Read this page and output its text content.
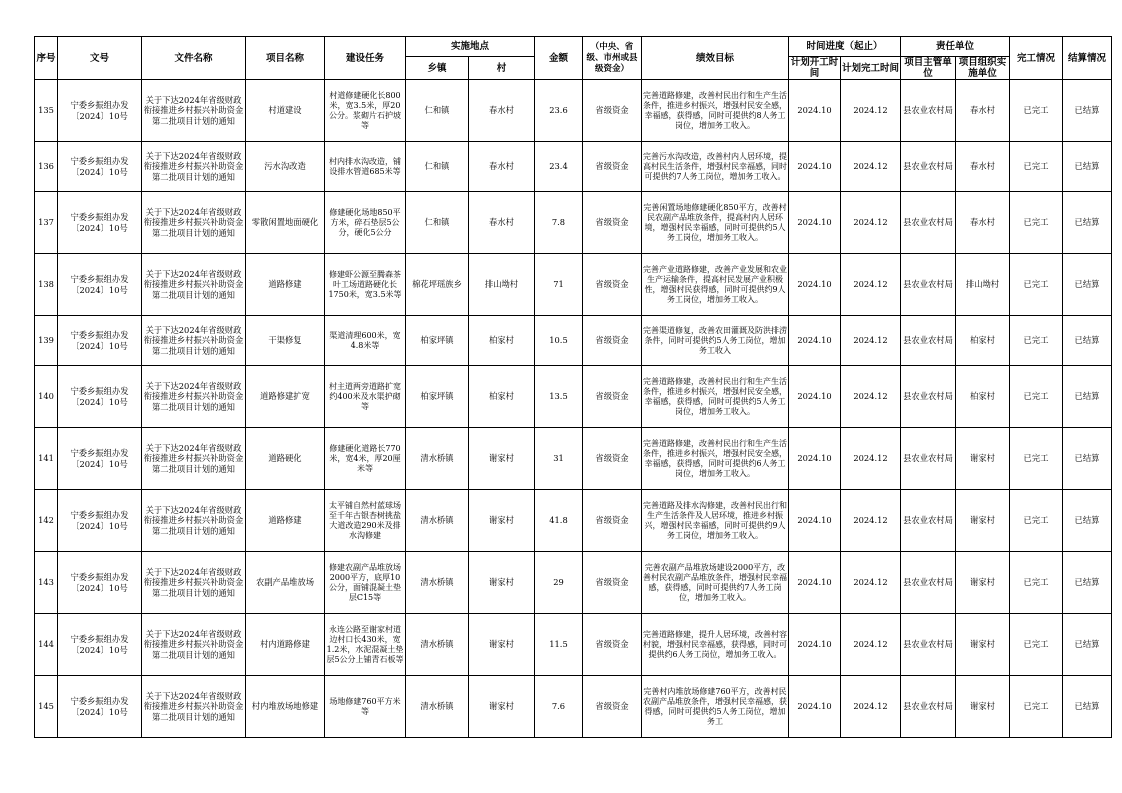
序号	文号	文件名称	项目名称	建设任务	实施地点		金额	（中央、省级、市州或县级资金）	绩效目标	时间进度（起止）		责任单位		完工情况	结算情况
					乡镇	村				计划开工时间	计划完工时间	项目主管单位	项目组织实施单位		
135	宁委乡振组办发〔2024〕10号	关于下达2024年省级财政衔接推进乡村振兴补助资金第二批项目计划的通知	村道建设	村道修建硬化长800米，宽3.5米，厚20公分。浆砌片石护坡等	仁和镇	春水村	23.6	省级资金	完善道路修建，改善村民出行和生产生活条件，推进乡村振兴，增强村民安全感，幸福感，获得感，同时可提供约8人务工岗位，增加务工收入。	2024.10	2024.12	县农业农村局	春水村	已完工	已结算
136	宁委乡振组办发〔2024〕10号	关于下达2024年省级财政衔接推进乡村振兴补助资金第二批项目计划的通知	污水沟改造	村内排水沟改造，铺设排水管道685米等	仁和镇	春水村	23.4	省级资金	完善污水沟改造，改善村内人居环境，提高村民生活条件，增强村民幸福感，同时可提供约7人务工岗位，增加务工收入。	2024.10	2024.12	县农业农村局	春水村	已完工	已结算
137	宁委乡振组办发〔2024〕10号	关于下达2024年省级财政衔接推进乡村振兴补助资金第二批项目计划的通知	零散闲置地面硬化	修建硬化场地850平方米，碎石垫层5公分，硬化5公分	仁和镇	春水村	7.8	省级资金	完善闲置场地修建硬化850平方，改善村民农副产品堆放条件，提高村内人居环境，增强村民幸福感，同时可提供约5人务工岗位，增加务工收入。	2024.10	2024.12	县农业农村局	春水村	已完工	已结算
138	宁委乡振组办发〔2024〕10号	关于下达2024年省级财政衔接推进乡村振兴补助资金第二批项目计划的通知	道路修建	修建虾公源至腾森茶叶工场道路硬化长1750米，宽3.5米等	棉花坪瑶族乡	排山坳村	71	省级资金	完善产业道路修建，改善产业发展和农业生产运输条件，提高村民发展产业积极性，增强村民获得感，同时可提供约9人务工岗位，增加务工收入。	2024.10	2024.12	县农业农村局	排山坳村	已完工	已结算
139	宁委乡振组办发〔2024〕10号	关于下达2024年省级财政衔接推进乡村振兴补助资金第二批项目计划的通知	干渠修复	渠道清理600米，宽4.8米等	柏家坪镇	柏家村	10.5	省级资金	完善渠道修复，改善农田灌溉及防洪排涝条件，同时可提供约5人务工岗位，增加务工收入	2024.10	2024.12	县农业农村局	柏家村	已完工	已结算
140	宁委乡振组办发〔2024〕10号	关于下达2024年省级财政衔接推进乡村振兴补助资金第二批项目计划的通知	道路修建扩宽	村主道两旁道路扩宽约400米及水渠护砌等	柏家坪镇	柏家村	13.5	省级资金	完善道路修建，改善村民出行和生产生活条件，推进乡村振兴，增强村民安全感，幸福感，获得感，同时可提供约5人务工岗位，增加务工收入。	2024.10	2024.12	县农业农村局	柏家村	已完工	已结算
141	宁委乡振组办发〔2024〕10号	关于下达2024年省级财政衔接推进乡村振兴补助资金第二批项目计划的通知	道路硬化	修建硬化道路长770米，宽4米，厚20厘米等	清水桥镇	谢家村	31	省级资金	完善道路修建，改善村民出行和生产生活条件，推进乡村振兴，增强村民安全感，幸福感，获得感，同时可提供约6人务工岗位，增加务工收入。	2024.10	2024.12	县农业农村局	谢家村	已完工	已结算
142	宁委乡振组办发〔2024〕10号	关于下达2024年省级财政衔接推进乡村振兴补助资金第二批项目计划的通知	道路修建	太平铺自然村蓝球场至千年古银杏树挑盐大道改造290米及排水沟修建	清水桥镇	谢家村	41.8	省级资金	完善道路及排水沟修建，改善村民出行和生产生活条件及人居环境，推进乡村振兴，增强村民幸福感，同时可提供约9人务工岗位，增加务工收入。	2024.10	2024.12	县农业农村局	谢家村	已完工	已结算
143	宁委乡振组办发〔2024〕10号	关于下达2024年省级财政衔接推进乡村振兴补助资金第二批项目计划的通知	农副产品堆放场	修建农副产品堆放场2000平方，底厚10公分，面铺混凝土垫层C15等	清水桥镇	谢家村	29	省级资金	完善农副产品堆放场建设2000平方，改善村民农副产品堆放条件，增强村民幸福感，获得感，同时可提供约7人务工岗位，增加务工收入。	2024.10	2024.12	县农业农村局	谢家村	已完工	已结算
144	宁委乡振组办发〔2024〕10号	关于下达2024年省级财政衔接推进乡村振兴补助资金第二批项目计划的通知	村内道路修建	永连公路至谢家村道边村口长430米，宽1.2米，水泥混凝土垫层5公分上铺青石板等	清水桥镇	谢家村	11.5	省级资金	完善道路修建，提升人居环境，改善村容村貌，增强村民幸福感，获得感，同时可提供约6人务工岗位，增加务工收入。	2024.10	2024.12	县农业农村局	谢家村	已完工	已结算
145	宁委乡振组办发〔2024〕10号	关于下达2024年省级财政衔接推进乡村振兴补助资金第二批项目计划的通知	村内堆放场地修建	场地修建760平方米等	清水桥镇	谢家村	7.6	省级资金	完善村内堆放场修建760平方，改善村民农副产品堆放条件，增强村民幸福感，获得感，同时可提供约5人务工岗位，增加务工	2024.10	2024.12	县农业农村局	谢家村	已完工	已结算
